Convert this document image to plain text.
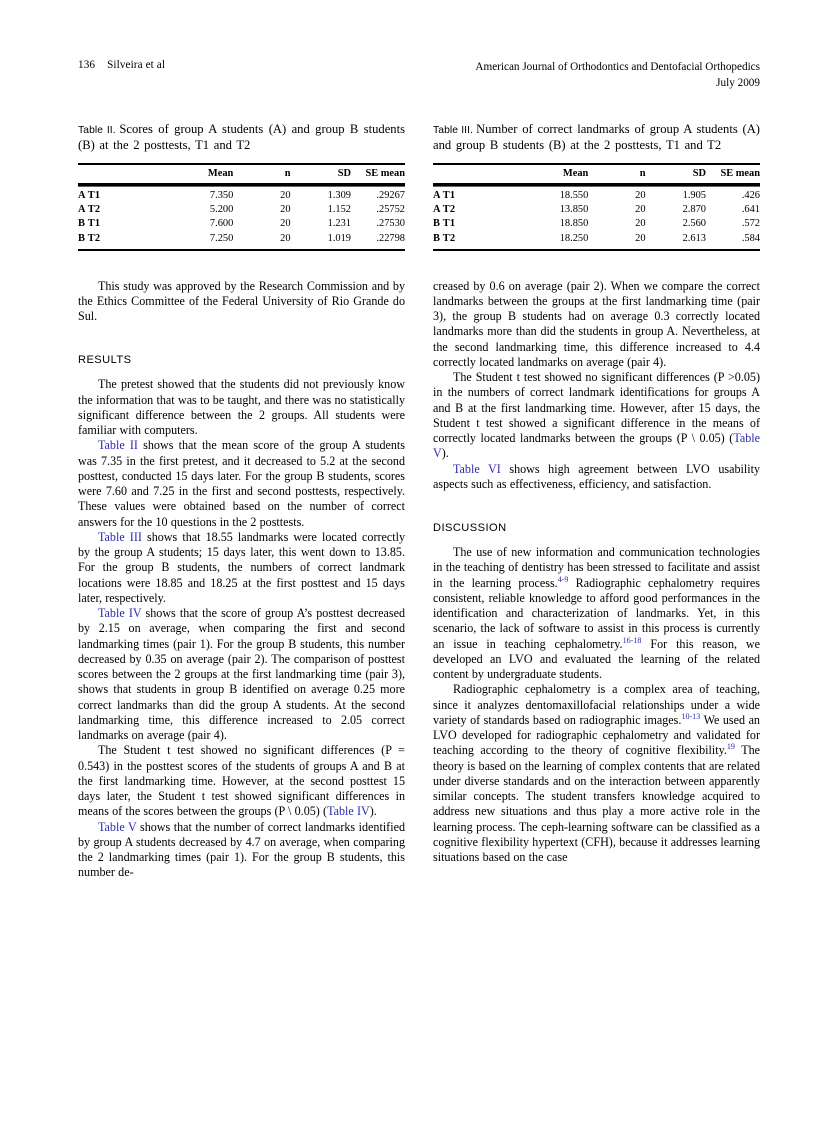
136 Silveira et al	American Journal of Orthodontics and Dentofacial Orthopedics
July 2009

Table II. Scores of group A students (A) and group B students (B) at the 2 posttests, T1 and T2

	Mean	n	SD	SE mean
A T1	7.350	20	1.309	.29267
A T2	5.200	20	1.152	.25752
B T1	7.600	20	1.231	.27530
B T2	7.250	20	1.019	.22798

This study was approved by the Research Commission and by the Ethics Committee of the Federal University of Rio Grande do Sul.

RESULTS

The pretest showed that the students did not previously know the information that was to be taught, and there was no statistically significant difference between the 2 groups. All students were familiar with computers.

Table II shows that the mean score of the group A students was 7.35 in the first pretest, and it decreased to 5.2 at the second posttest, conducted 15 days later. For the group B students, scores were 7.60 and 7.25 in the first and second posttests, respectively. These values were obtained based on the number of correct answers for the 10 questions in the 2 posttests.

Table III shows that 18.55 landmarks were located correctly by the group A students; 15 days later, this went down to 13.85. For the group B students, the numbers of correct landmark locations were 18.85 and 18.25 at the first posttest and 15 days later, respectively.

Table IV shows that the score of group A’s posttest decreased by 2.15 on average, when comparing the first and second landmarking times (pair 1). For the group B students, this number decreased by 0.35 on average (pair 2). The comparison of posttest scores between the 2 groups at the first landmarking time (pair 3), shows that students in group B identified on average 0.25 more correct landmarks than did the group A students. At the second landmarking time, this difference increased to 2.05 correct landmarks on average (pair 4).

The Student t test showed no significant differences (P = 0.543) in the posttest scores of the students of groups A and B at the first landmarking time. However, at the second posttest 15 days later, the Student t test showed significant differences in means of the scores between the groups (P \ 0.05) (Table IV).

Table V shows that the number of correct landmarks identified by group A students decreased by 4.7 on average, when comparing the 2 landmarking times (pair 1). For the group B students, this number de-

Table III. Number of correct landmarks of group A students (A) and group B students (B) at the 2 posttests, T1 and T2

	Mean	n	SD	SE mean
A T1	18.550	20	1.905	.426
A T2	13.850	20	2.870	.641
B T1	18.850	20	2.560	.572
B T2	18.250	20	2.613	.584

creased by 0.6 on average (pair 2). When we compare the correct landmarks between the groups at the first landmarking time (pair 3), the group B students had on average 0.3 correctly located landmarks more than did the students in group A. Nevertheless, at the second landmarking time, this difference increased to 4.4 correctly located landmarks on average (pair 4).

The Student t test showed no significant differences (P >0.05) in the numbers of correct landmark identifications for groups A and B at the first landmarking time. However, after 15 days, the Student t test showed a significant difference in the means of correctly located landmarks between the groups (P \ 0.05) (Table V).

Table VI shows high agreement between LVO usability aspects such as effectiveness, efficiency, and satisfaction.

DISCUSSION

The use of new information and communication technologies in the teaching of dentistry has been stressed to facilitate and assist in the learning process.$^{4-9}$ Radiographic cephalometry requires consistent, reliable knowledge to afford good performances in the identification and characterization of landmarks. Yet, in this scenario, the lack of software to assist in this process is currently an issue in teaching cephalometry.$^{16-18}$ For this reason, we developed an LVO and evaluated the learning of the related content by undergraduate students.

Radiographic cephalometry is a complex area of teaching, since it analyzes dentomaxillofacial relationships under a wide variety of standards based on radiographic images.$^{10-13}$ We used an LVO developed for radiographic cephalometry and validated for teaching according to the theory of cognitive flexibility.$^{19}$ The theory is based on the learning of complex contents that are related under diverse standards and on the interaction between apparently similar concepts. The student transfers knowledge acquired to address new situations and thus play a more active role in the learning process. The ceph-learning software can be classified as a cognitive flexibility hypertext (CFH), because it addresses learning situations based on the case
